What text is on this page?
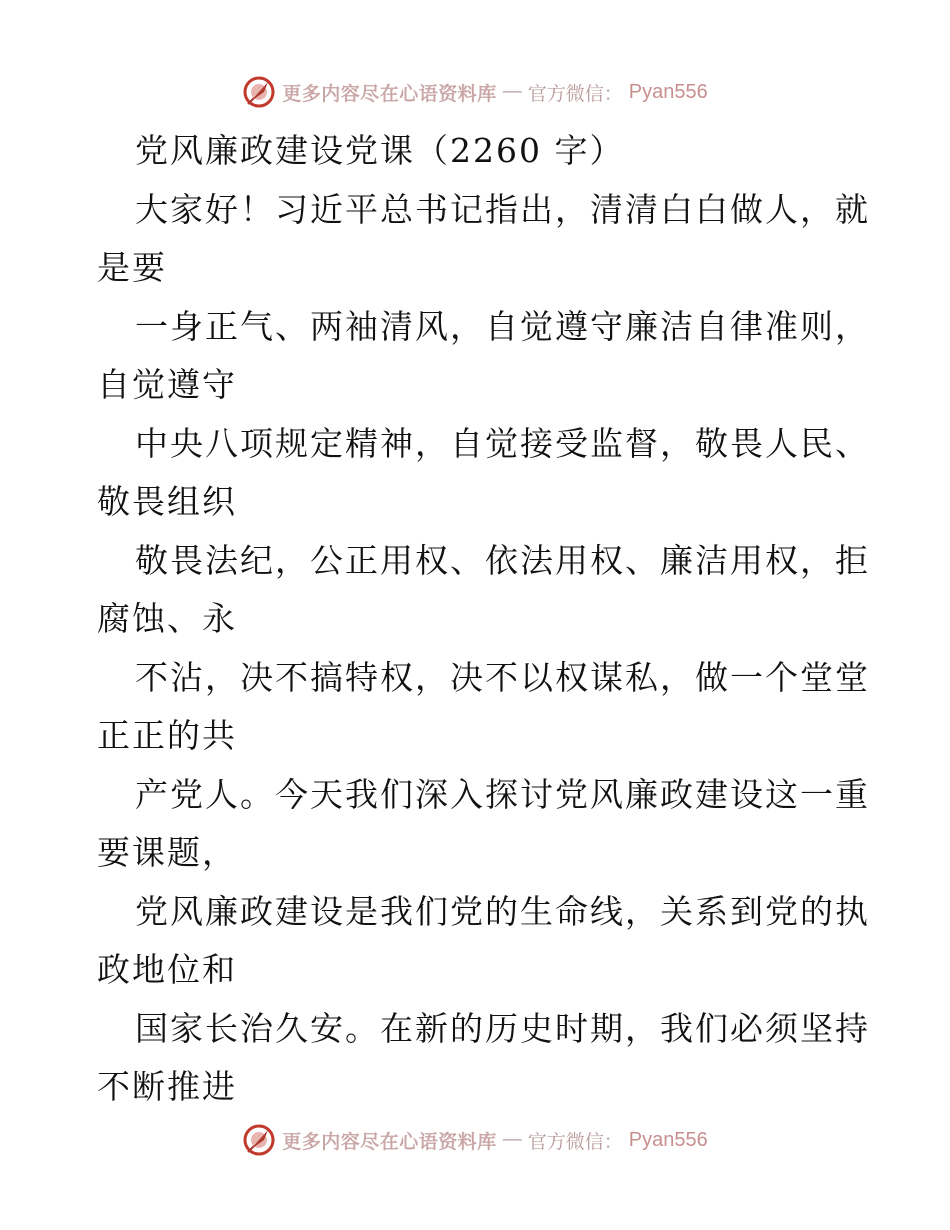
更多内容尽在心语资料库 — 官方微信： Pyan556
党风廉政建设党课（2260 字）
大家好！习近平总书记指出，清清白白做人，就
是要
一身正气、两袖清风，自觉遵守廉洁自律准则，
自觉遵守
中央八项规定精神，自觉接受监督，敬畏人民、
敬畏组织
敬畏法纪，公正用权、依法用权、廉洁用权，拒
腐蚀、永
不沾，决不搞特权，决不以权谋私，做一个堂堂
正正的共
产党人。今天我们深入探讨党风廉政建设这一重
要课题，
党风廉政建设是我们党的生命线，关系到党的执
政地位和
国家长治久安。在新的历史时期，我们必须坚持
不断推进
更多内容尽在心语资料库 — 官方微信： Pyan556
